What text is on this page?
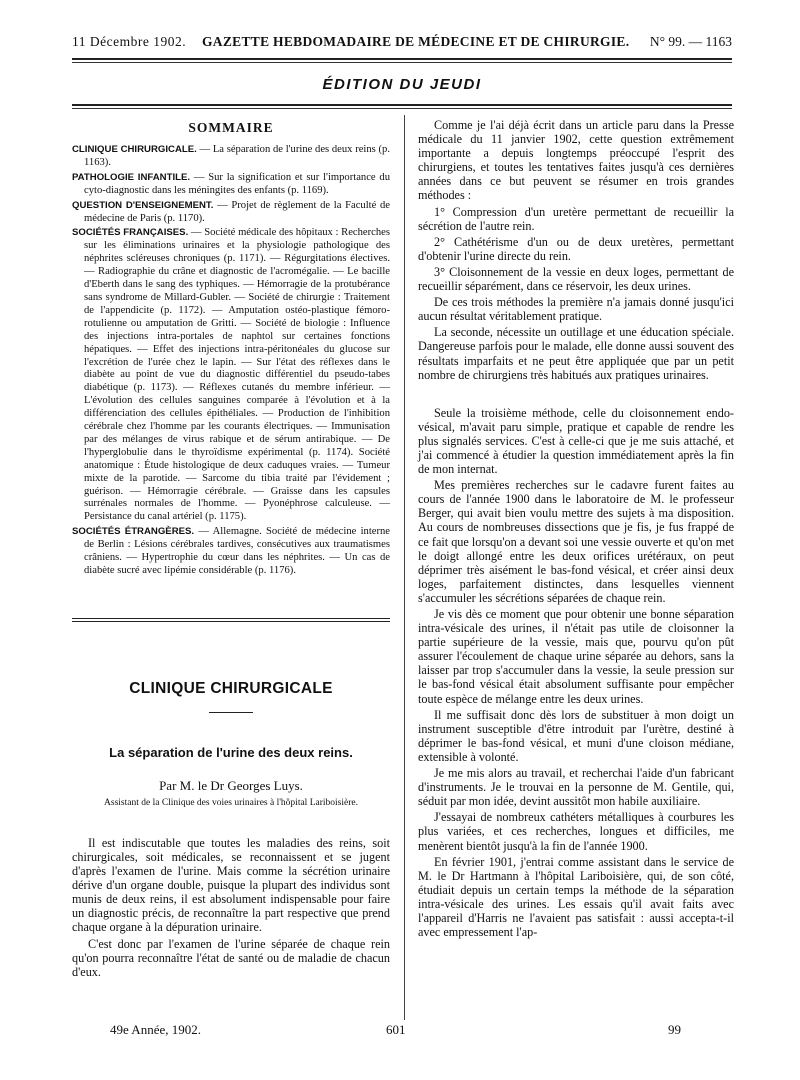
11 Décembre 1902. GAZETTE HEBDOMADAIRE DE MÉDECINE ET DE CHIRURGIE. N° 99. — 1163
ÉDITION DU JEUDI
SOMMAIRE
CLINIQUE CHIRURGICALE. — La séparation de l'urine des deux reins (p. 1163).
PATHOLOGIE INFANTILE. — Sur la signification et sur l'importance du cyto-diagnostic dans les méningites des enfants (p. 1169).
QUESTION D'ENSEIGNEMENT. — Projet de règlement de la Faculté de médecine de Paris (p. 1170).
SOCIÉTÉS FRANÇAISES. — Société médicale des hôpitaux : Recherches sur les éliminations urinaires et la physiologie pathologique des néphrites scléreuses chroniques (p. 1171). — Régurgitations électives. — Radiographie du crâne et diagnostic de l'acromégalie. — Le bacille d'Eberth dans le sang des typhiques. — Hémorragie de la protubérance sans syndrome de Millard-Gubler. — Société de chirurgie : Traitement de l'appendicite (p. 1172). — Amputation ostéo-plastique fémoro-rotulienne ou amputation de Gritti. — Société de biologie : Influence des injections intra-portales de naphtol sur certaines fonctions hépatiques. — Effet des injections intra-péritonéales du glucose sur l'excrétion de l'urée chez le lapin. — Sur l'état des réflexes dans le diabète au point de vue du diagnostic différentiel du pseudo-tabes diabétique (p. 1173). — Réflexes cutanés du membre inférieur. — L'évolution des cellules sanguines comparée à l'évolution et à la différenciation des cellules épithéliales. — Production de l'inhibition cérébrale chez l'homme par les courants électriques. — Immunisation par des mélanges de virus rabique et de sérum antirabique. — De l'hyperglobulie dans le thyroïdisme expérimental (p. 1174). Société anatomique : Étude histologique de deux caduques vraies. — Tumeur mixte de la parotide. — Sarcome du tibia traité par l'évidement ; guérison. — Hémorragie cérébrale. — Graisse dans les capsules surrénales normales de l'homme. — Pyonéphrose calculeuse. — Persistance du canal artériel (p. 1175).
SOCIÉTÉS ÉTRANGÈRES. — Allemagne. Société de médecine interne de Berlin : Lésions cérébrales tardives, consécutives aux traumatismes crâniens. — Hypertrophie du cœur dans les néphrites. — Un cas de diabète sucré avec lipémie considérable (p. 1176).
CLINIQUE CHIRURGICALE
La séparation de l'urine des deux reins.
Par M. le Dr Georges Luys.
Assistant de la Clinique des voies urinaires à l'hôpital Lariboisière.

Il est indiscutable que toutes les maladies des reins, soit chirurgicales, soit médicales, se reconnaissent et se jugent d'après l'examen de l'urine. Mais comme la sécrétion urinaire dérive d'un organe double, puisque la plupart des individus sont munis de deux reins, il est absolument indispensable pour faire un diagnostic précis, de reconnaître la part respective que prend chaque organe à la dépuration urinaire.

C'est donc par l'examen de l'urine séparée de chaque rein qu'on pourra reconnaître l'état de santé ou de maladie de chacun d'eux.

Comme je l'ai déjà écrit dans un article paru dans la Presse médicale du 11 janvier 1902, cette question extrêmement importante a depuis longtemps préoccupé l'esprit des chirurgiens, et toutes les tentatives faites jusqu'à ces dernières années dans ce but peuvent se résumer en trois grandes méthodes :

1° Compression d'un uretère permettant de recueillir la sécrétion de l'autre rein.

2° Cathétérisme d'un ou de deux uretères, permettant d'obtenir l'urine directe du rein.

3° Cloisonnement de la vessie en deux loges, permettant de recueillir séparément, dans ce réservoir, les deux urines.

De ces trois méthodes la première n'a jamais donné jusqu'ici aucun résultat véritablement pratique.

La seconde, nécessite un outillage et une éducation spéciale. Dangereuse parfois pour le malade, elle donne aussi souvent des résultats imparfaits et ne peut être appliquée que par un petit nombre de chirurgiens très habitués aux pratiques urinaires.

Seule la troisième méthode, celle du cloisonnement endo-vésical, m'avait paru simple, pratique et capable de rendre les plus signalés services. C'est à celle-ci que je me suis attaché, et j'ai commencé à étudier la question immédiatement après la fin de mon internat.

Mes premières recherches sur le cadavre furent faites au cours de l'année 1900 dans le laboratoire de M. le professeur Berger, qui avait bien voulu mettre des sujets à ma disposition. Au cours de nombreuses dissections que je fis, je fus frappé de ce fait que lorsqu'on a devant soi une vessie ouverte et qu'on met le doigt allongé entre les deux orifices urétéraux, on peut déprimer très aisément le bas-fond vésical, et créer ainsi deux loges, parfaitement distinctes, dans lesquelles viennent s'accumuler les sécrétions séparées de chaque rein.

Je vis dès ce moment que pour obtenir une bonne séparation intra-vésicale des urines, il n'était pas utile de cloisonner la partie supérieure de la vessie, mais que, pourvu qu'on pût assurer l'écoulement de chaque urine séparée au dehors, sans la laisser par trop s'accumuler dans la vessie, la seule pression sur le bas-fond vésical était absolument suffisante pour empêcher toute espèce de mélange entre les deux urines.

Il me suffisait donc dès lors de substituer à mon doigt un instrument susceptible d'être introduit par l'urètre, destiné à déprimer le bas-fond vésical, et muni d'une cloison médiane, extensible à volonté.

Je me mis alors au travail, et recherchai l'aide d'un fabricant d'instruments. Je le trouvai en la personne de M. Gentile, qui, séduit par mon idée, devint aussitôt mon habile auxiliaire.

J'essayai de nombreux cathéters métalliques à courbures les plus variées, et ces recherches, longues et difficiles, me menèrent bientôt jusqu'à la fin de l'année 1900.

En février 1901, j'entrai comme assistant dans le service de M. le Dr Hartmann à l'hôpital Lariboisière, qui, de son côté, étudiait depuis un certain temps la méthode de la séparation intra-vésicale des urines. Les essais qu'il avait faits avec l'appareil d'Harris ne l'avaient pas satisfait : aussi accepta-t-il avec empressement l'ap-

49e Année, 1902.	601	99
